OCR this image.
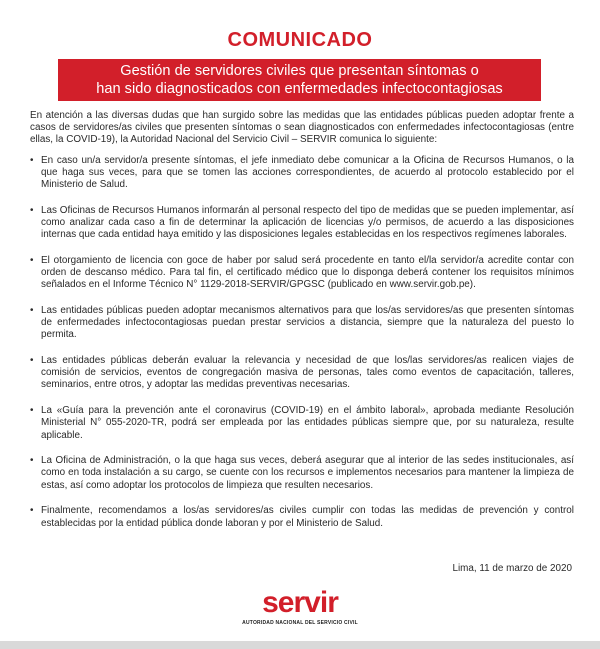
COMUNICADO
Gestión de servidores civiles que presentan síntomas o
han sido diagnosticados con enfermedades infectocontagiosas

En atención a las diversas dudas que han surgido sobre las medidas que las entidades públicas pueden adoptar frente a casos de servidores/as civiles que presenten síntomas o sean diagnosticados con enfermedades infectocontagiosas (entre ellas, la COVID-19), la Autoridad Nacional del Servicio Civil – SERVIR comunica lo siguiente:

• En caso un/a servidor/a presente síntomas, el jefe inmediato debe comunicar a la Oficina de Recursos Humanos, o la que haga sus veces, para que se tomen las acciones correspondientes, de acuerdo al protocolo establecido por el Ministerio de Salud.
• Las Oficinas de Recursos Humanos informarán al personal respecto del tipo de medidas que se pueden implementar, así como analizar cada caso a fin de determinar la aplicación de licencias y/o permisos, de acuerdo a las disposiciones internas que cada entidad haya emitido y las disposiciones legales establecidas en los respectivos regímenes laborales.
• El otorgamiento de licencia con goce de haber por salud será procedente en tanto el/la servidor/a acredite contar con orden de descanso médico. Para tal fin, el certificado médico que lo disponga deberá contener los requisitos mínimos señalados en el Informe Técnico N° 1129-2018-SERVIR/GPGSC (publicado en www.servir.gob.pe).
• Las entidades públicas pueden adoptar mecanismos alternativos para que los/as servidores/as que presenten síntomas de enfermedades infectocontagiosas puedan prestar servicios a distancia, siempre que la naturaleza del puesto lo permita.
• Las entidades públicas deberán evaluar la relevancia y necesidad de que los/las servidores/as realicen viajes de comisión de servicios, eventos de congregación masiva de personas, tales como eventos de capacitación, talleres, seminarios, entre otros, y adoptar las medidas preventivas necesarias.
• La «Guía para la prevención ante el coronavirus (COVID-19) en el ámbito laboral», aprobada mediante Resolución Ministerial N° 055-2020-TR, podrá ser empleada por las entidades públicas siempre que, por su naturaleza, resulte aplicable.
• La Oficina de Administración, o la que haga sus veces, deberá asegurar que al interior de las sedes institucionales, así como en toda instalación a su cargo, se cuente con los recursos e implementos necesarios para mantener la limpieza de estas, así como adoptar los protocolos de limpieza que resulten necesarios.
• Finalmente, recomendamos a los/as servidores/as civiles cumplir con todas las medidas de prevención y control establecidas por la entidad pública donde laboran y por el Ministerio de Salud.
Lima, 11 de marzo de 2020
servir
AUTORIDAD NACIONAL DEL SERVICIO CIVIL
